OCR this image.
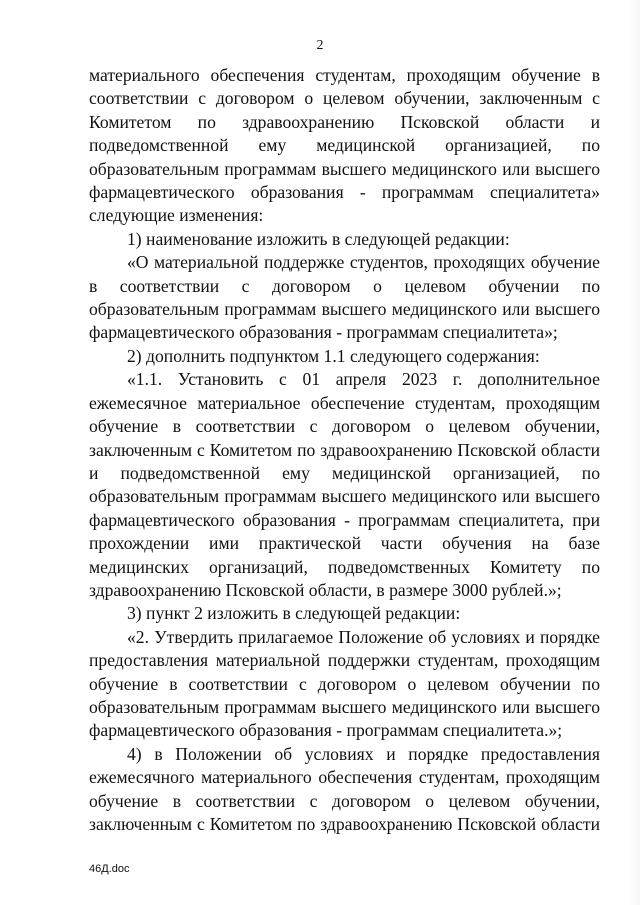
2

материального обеспечения студентам, проходящим обучение в соответствии с договором о целевом обучении, заключенным с Комитетом по здравоохранению Псковской области и подведомственной ему медицинской организацией, по образовательным программам высшего медицинского или высшего фармацевтического образования - программам специалитета» следующие изменения:

1) наименование изложить в следующей редакции:

«О материальной поддержке студентов, проходящих обучение в соответствии с договором о целевом обучении по образовательным программам высшего медицинского или высшего фармацевтического образования - программам специалитета»;

2) дополнить подпунктом 1.1 следующего содержания:

«1.1. Установить с 01 апреля 2023 г. дополнительное ежемесячное материальное обеспечение студентам, проходящим обучение в соответствии с договором о целевом обучении, заключенным с Комитетом по здравоохранению Псковской области и подведомственной ему медицинской организацией, по образовательным программам высшего медицинского или высшего фармацевтического образования - программам специалитета, при прохождении ими практической части обучения на базе медицинских организаций, подведомственных Комитету по здравоохранению Псковской области, в размере 3000 рублей.»;

3) пункт 2 изложить в следующей редакции:

«2. Утвердить прилагаемое Положение об условиях и порядке предоставления материальной поддержки студентам, проходящим обучение в соответствии с договором о целевом обучении по образовательным программам высшего медицинского или высшего фармацевтического образования - программам специалитета.»;

4) в Положении об условиях и порядке предоставления ежемесячного материального обеспечения студентам, проходящим обучение в соответствии с договором о целевом обучении, заключенным с Комитетом по здравоохранению Псковской области

46Д.doc
